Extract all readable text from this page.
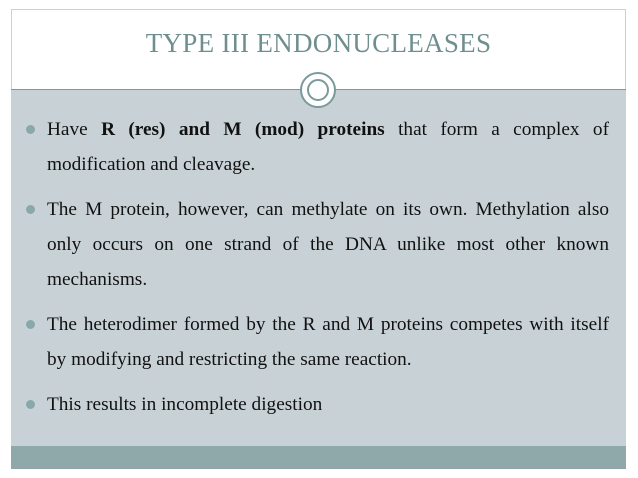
TYPE III ENDONUCLEASES
Have R (res) and M (mod) proteins that form a complex of modification and cleavage.
The M protein, however, can methylate on its own. Methylation also only occurs on one strand of the DNA unlike most other known mechanisms.
The heterodimer formed by the R and M proteins competes with itself by modifying and restricting the same reaction.
This results in incomplete digestion
